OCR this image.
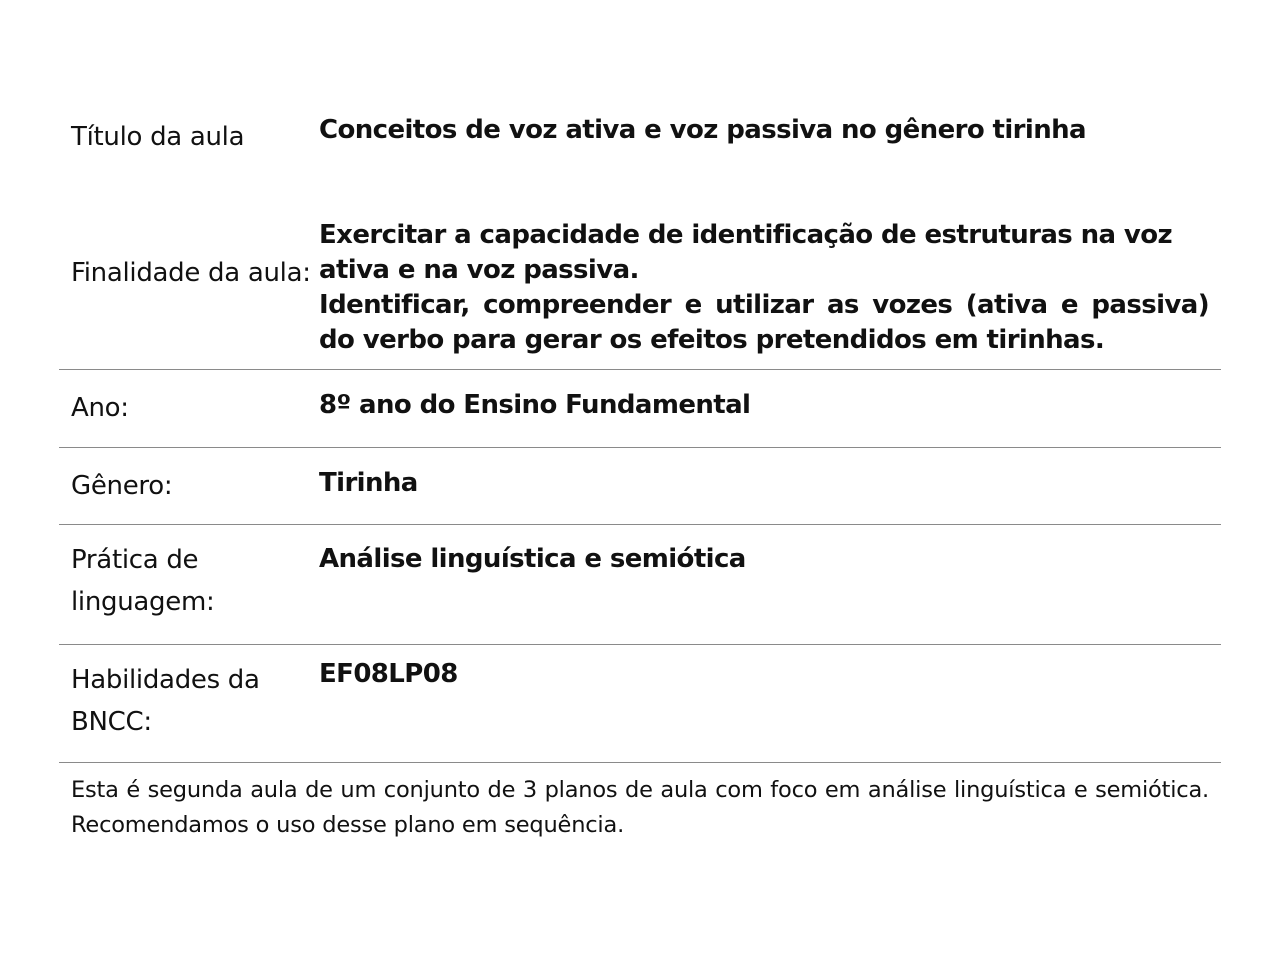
Título da aula	Conceitos de voz ativa e voz passiva no gênero tirinha

Finalidade da aula:

Exercitar a capacidade de identificação de estruturas na voz ativa e na voz passiva.

Identificar, compreender e utilizar as vozes (ativa e passiva) do verbo para gerar os efeitos pretendidos em tirinhas.

Ano:	8º ano do Ensino Fundamental

Gênero:	Tirinha

Prática de linguagem:

Análise linguística e semiótica

Habilidades da BNCC:

EF08LP08

Esta é segunda aula de um conjunto de 3 planos de aula com foco em análise linguística e semiótica. Recomendamos o uso desse plano em sequência.
